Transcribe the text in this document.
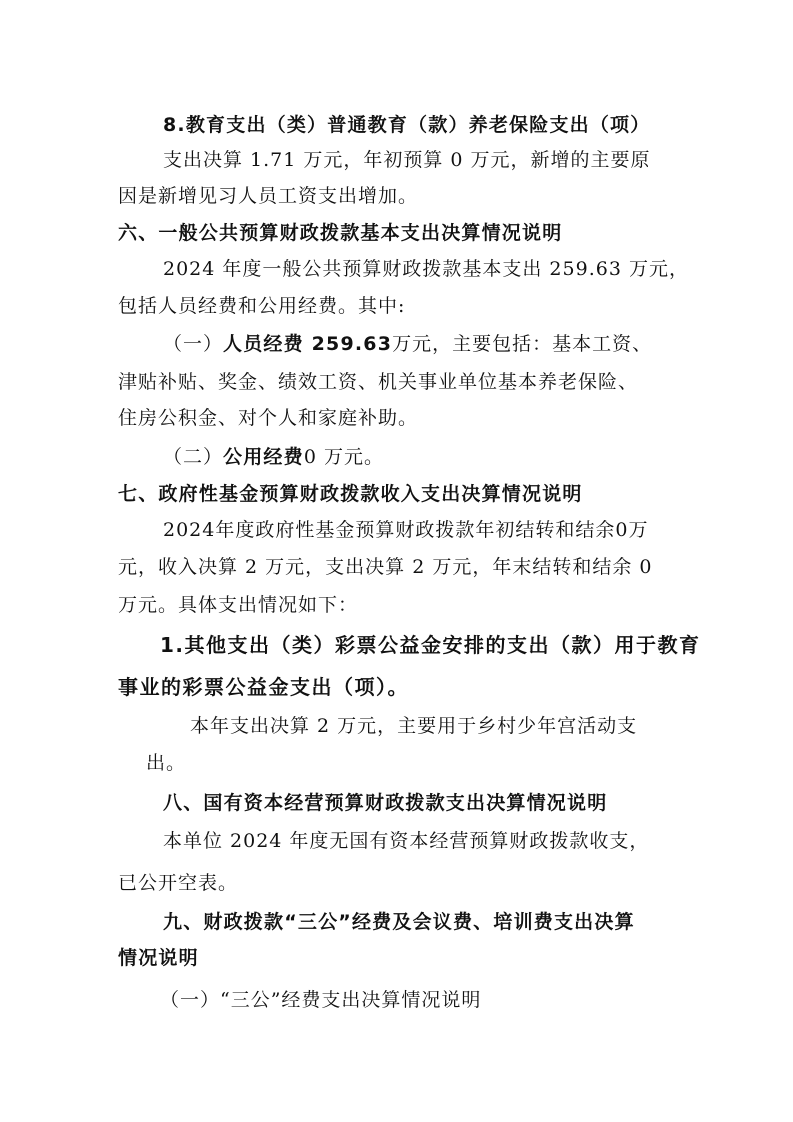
8.教育支出（类）普通教育（款）养老保险支出（项）
支出决算 1.71 万元，年初预算 0 万元，新增的主要原
因是新增见习人员工资支出增加。
六、一般公共预算财政拨款基本支出决算情况说明
2024 年度一般公共预算财政拨款基本支出 259.63 万元，
包括人员经费和公用经费。其中:
（一）人员经费 259.63万元，主要包括：基本工资、
津贴补贴、奖金、绩效工资、机关事业单位基本养老保险、
住房公积金、对个人和家庭补助。
（二）公用经费0 万元。
七、政府性基金预算财政拨款收入支出决算情况说明
2024年度政府性基金预算财政拨款年初结转和结余0万
元，收入决算 2 万元，支出决算 2 万元，年末结转和结余 0
万元。具体支出情况如下：
1.其他支出（类）彩票公益金安排的支出（款）用于教育
事业的彩票公益金支出（项）。
本年支出决算 2 万元，主要用于乡村少年宫活动支
出。
八、国有资本经营预算财政拨款支出决算情况说明
本单位 2024 年度无国有资本经营预算财政拨款收支，
已公开空表。
九、财政拨款“三公”经费及会议费、培训费支出决算
情况说明
（一）“三公”经费支出决算情况说明
